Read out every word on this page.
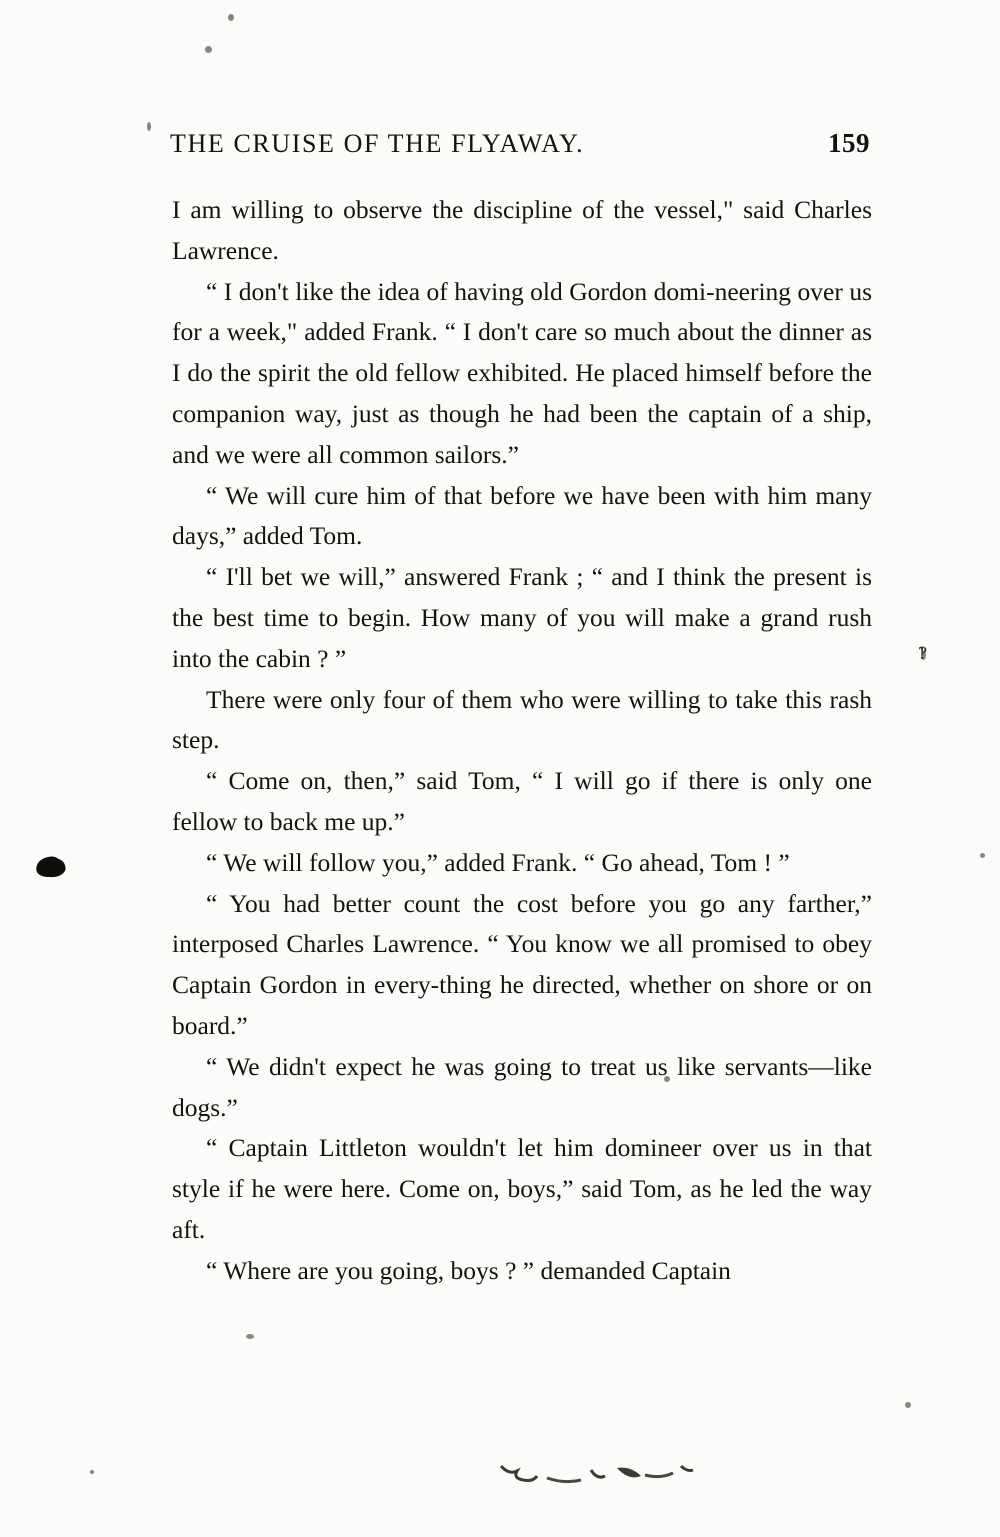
THE CRUISE OF THE FLYAWAY.	159

I am willing to observe the discipline of the vessel," said Charles Lawrence.

“ I don't like the idea of having old Gordon domi-neering over us for a week," added Frank. “ I don't care so much about the dinner as I do the spirit the old fellow exhibited. He placed himself before the companion way, just as though he had been the captain of a ship, and we were all common sailors.”

“ We will cure him of that before we have been with him many days,” added Tom.

“ I'll bet we will,” answered Frank ; “ and I think the present is the best time to begin. How many of you will make a grand rush into the cabin ? ”

There were only four of them who were willing to take this rash step.

“ Come on, then,” said Tom, “ I will go if there is only one fellow to back me up.”

“ We will follow you,” added Frank. “ Go ahead, Tom ! ”

“ You had better count the cost before you go any farther,” interposed Charles Lawrence. “ You know we all promised to obey Captain Gordon in every-thing he directed, whether on shore or on board.”

“ We didn't expect he was going to treat us like servants—like dogs.”

“ Captain Littleton wouldn't let him domineer over us in that style if he were here. Come on, boys,” said Tom, as he led the way aft.

“ Where are you going, boys ? ” demanded Captain

‽
